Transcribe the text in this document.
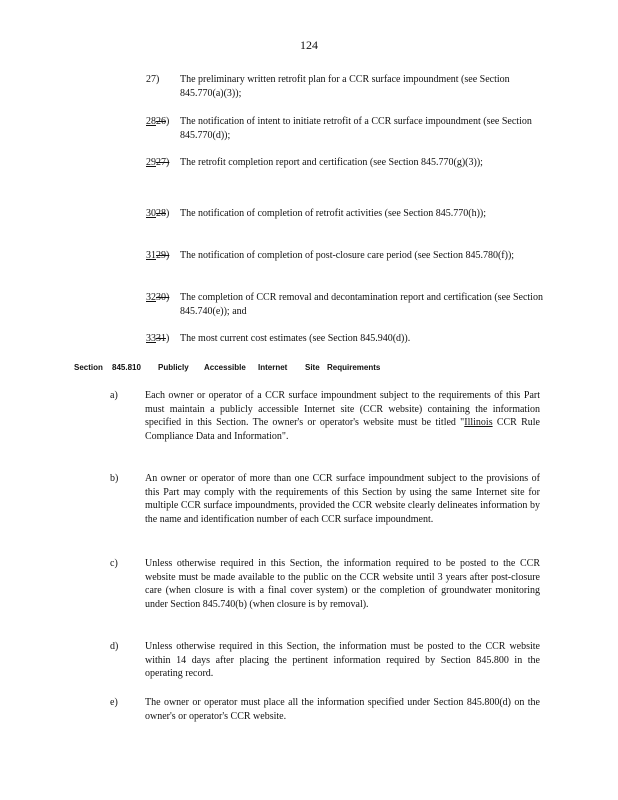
124
27)	The preliminary written retrofit plan for a CCR surface impoundment (see Section 845.770(a)(3));
2826)	The notification of intent to initiate retrofit of a CCR surface impoundment (see Section 845.770(d));
2927)	The retrofit completion report and certification (see Section 845.770(g)(3));
3028)	The notification of completion of retrofit activities (see Section 845.770(h));
3129)	The notification of completion of post-closure care period (see Section 845.780(f));
3230)	The completion of CCR removal and decontamination report and certification (see Section 845.740(e)); and
3331)	The most current cost estimates (see Section 845.940(d)).
Section 845.810 Publicly Accessible Internet Site Requirements
a)	Each owner or operator of a CCR surface impoundment subject to the requirements of this Part must maintain a publicly accessible Internet site (CCR website) containing the information specified in this Section. The owner's or operator's website must be titled "Illinois CCR Rule Compliance Data and Information".
b)	An owner or operator of more than one CCR surface impoundment subject to the provisions of this Part may comply with the requirements of this Section by using the same Internet site for multiple CCR surface impoundments, provided the CCR website clearly delineates information by the name and identification number of each CCR surface impoundment.
c)	Unless otherwise required in this Section, the information required to be posted to the CCR website must be made available to the public on the CCR website until 3 years after post-closure care (when closure is with a final cover system) or the completion of groundwater monitoring under Section 845.740(b) (when closure is by removal).
d)	Unless otherwise required in this Section, the information must be posted to the CCR website within 14 days after placing the pertinent information required by Section 845.800 in the operating record.
e)	The owner or operator must place all the information specified under Section 845.800(d) on the owner's or operator's CCR website.
